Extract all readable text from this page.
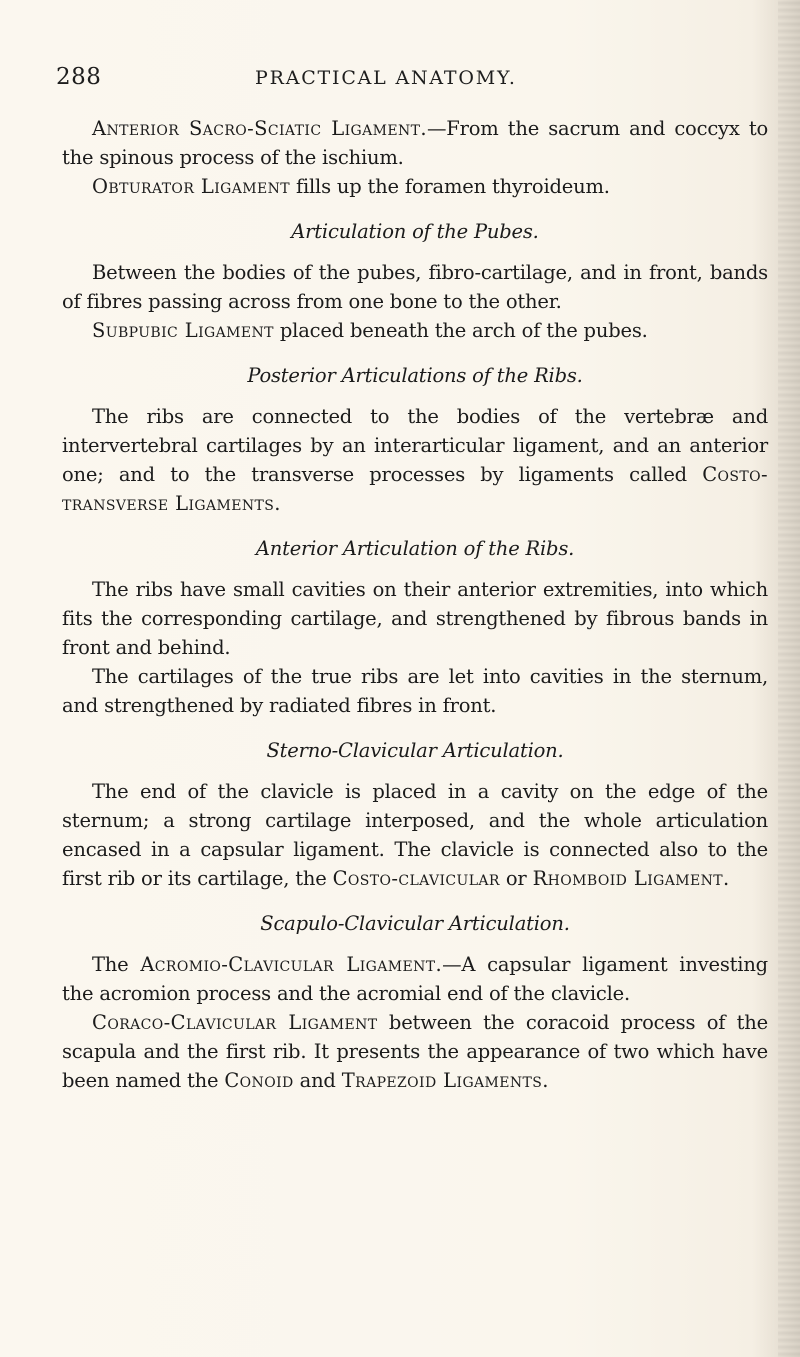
288	PRACTICAL ANATOMY.

Anterior Sacro-Sciatic Ligament.—From the sacrum and coccyx to the spinous process of the ischium.

Obturator Ligament fills up the foramen thyroideum.

Articulation of the Pubes.

Between the bodies of the pubes, fibro-cartilage, and in front, bands of fibres passing across from one bone to the other.

Subpubic Ligament placed beneath the arch of the pubes.

Posterior Articulations of the Ribs.

The ribs are connected to the bodies of the vertebræ and intervertebral cartilages by an interarticular ligament, and an anterior one; and to the transverse processes by ligaments called Costo-transverse Ligaments.

Anterior Articulation of the Ribs.

The ribs have small cavities on their anterior extremities, into which fits the corresponding cartilage, and strengthened by fibrous bands in front and behind.

The cartilages of the true ribs are let into cavities in the sternum, and strengthened by radiated fibres in front.

Sterno-Clavicular Articulation.

The end of the clavicle is placed in a cavity on the edge of the sternum; a strong cartilage interposed, and the whole articulation encased in a capsular ligament. The clavicle is connected also to the first rib or its cartilage, the Costo-clavicular or Rhomboid Ligament.

Scapulo-Clavicular Articulation.

The Acromio-Clavicular Ligament.—A capsular ligament investing the acromion process and the acromial end of the clavicle.

Coraco-Clavicular Ligament between the coracoid process of the scapula and the first rib. It presents the appearance of two which have been named the Conoid and Trapezoid Ligaments.
